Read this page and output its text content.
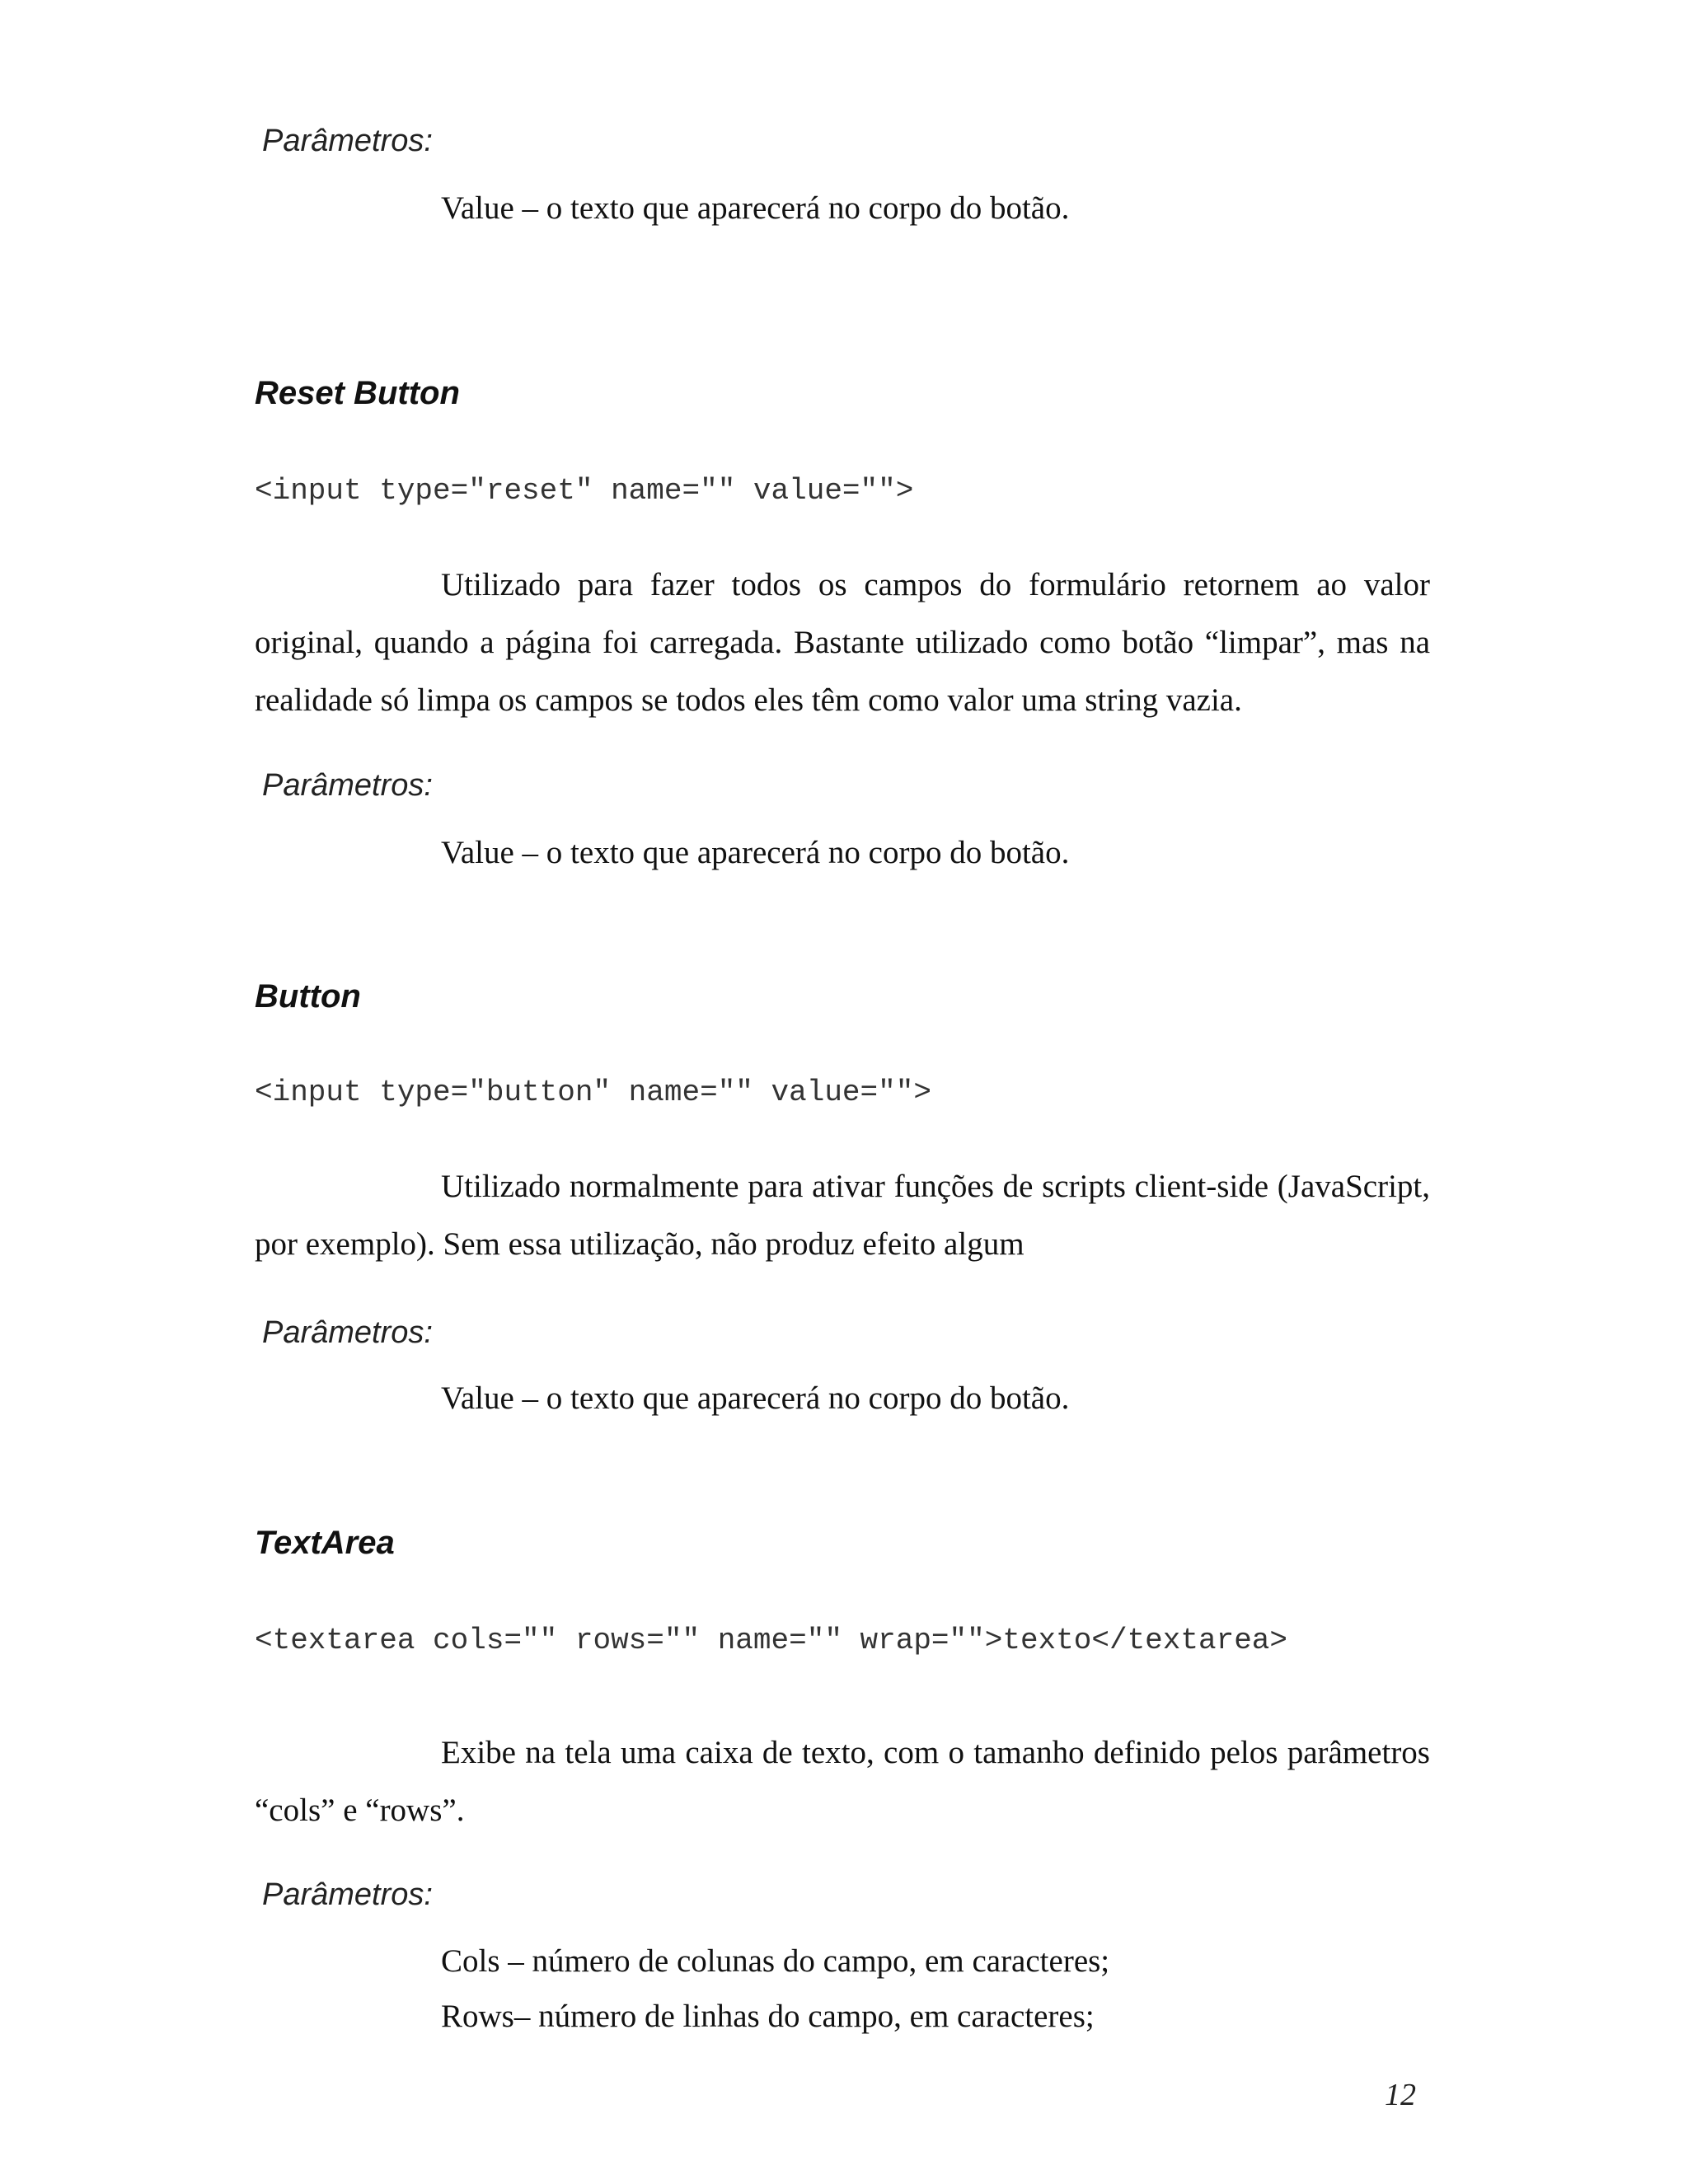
Parâmetros:
Value – o texto que aparecerá no corpo do botão.
Reset Button
<input type="reset" name="" value="">
Utilizado para fazer todos os campos do formulário retornem ao valor original, quando a página foi carregada. Bastante utilizado como botão “limpar”, mas na realidade só limpa os campos se todos eles têm como valor uma string vazia.
Parâmetros:
Value – o texto que aparecerá no corpo do botão.
Button
<input type="button" name="" value="">
Utilizado normalmente para ativar funções de scripts client-side (JavaScript, por exemplo). Sem essa utilização, não produz efeito algum
Parâmetros:
Value – o texto que aparecerá no corpo do botão.
TextArea
<textarea cols="" rows="" name="" wrap="">texto</textarea>
Exibe na tela uma caixa de texto, com o tamanho definido pelos parâmetros “cols” e “rows”.
Parâmetros:
Cols – número de colunas do campo, em caracteres;
Rows– número de linhas do campo, em caracteres;
12
